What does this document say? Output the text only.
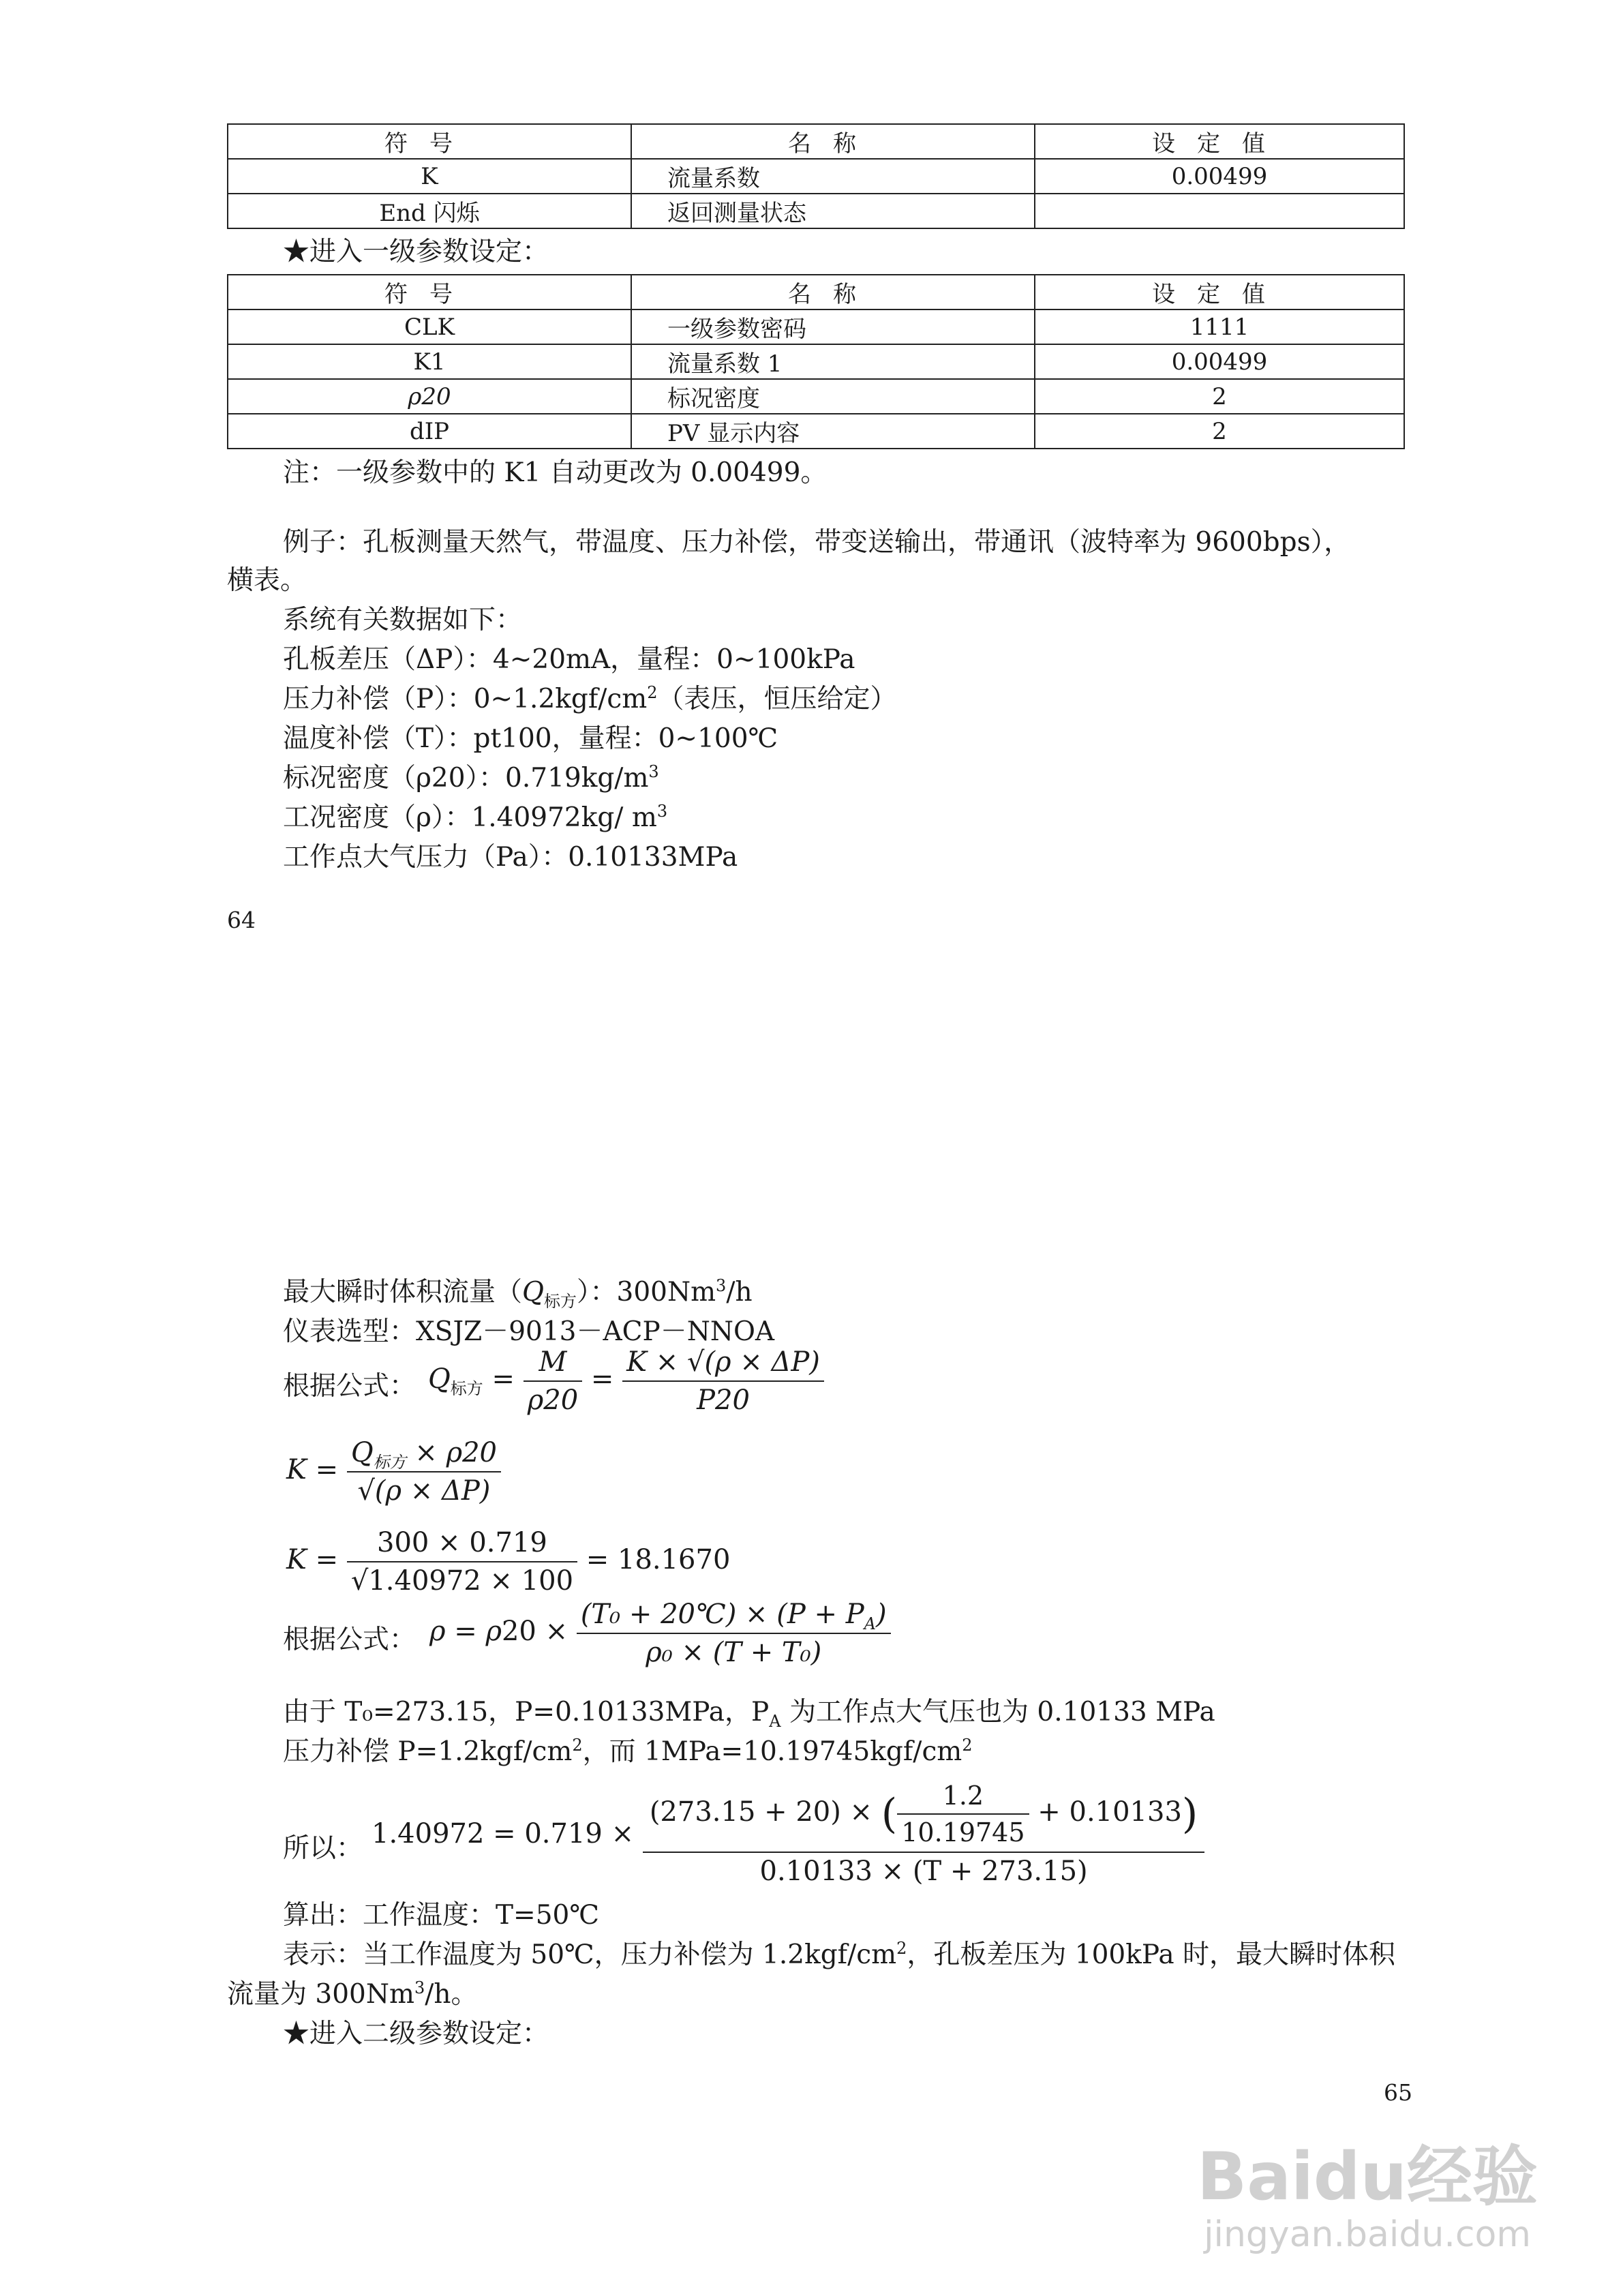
符号	名称	设定值
K	流量系数	0.00499
End 闪烁	返回测量状态	
★进入一级参数设定：
符号	名称	设定值
CLK	一级参数密码	1111
K1	流量系数 1	0.00499
ρ20	标况密度	2
dIP	PV 显示内容	2
注：一级参数中的 K1 自动更改为 0.00499。
例子：孔板测量天然气，带温度、压力补偿，带变送输出，带通讯（波特率为 9600bps），
横表。
系统有关数据如下：
孔板差压（ΔP）：4~20mA，量程：0~100kPa
压力补偿（P）：$0\sim 1.2kgf/cm^2$（表压，恒压给定）
温度补偿（T）：pt100，量程：0~100℃
标况密度（ρ20）：$0.719kg/m^3$
工况密度（ρ）：1.40972kg/ $m^3$
工作点大气压力（Pa）：0.10133MPa
64
最大瞬时体积流量$(Q_{标方})$：300Nm$^3$/h
仪表选型：XSJZ－9013－ACP－NNOA
根据公式： $Q_{标方} = \frac{M}{\rho 20} = \frac{K \times √(\rho \times \Delta P)}{P20}$
$K = \frac{Q_{标方} \times \rho 20}{√(\rho \times \Delta P)}$
$K = \frac{300 \times 0.719}{√1.40972 \times 100} = 18.1670$
根据公式： $\rho = \rho 20 \times \frac{(T_0 + 20℃) \times (P + P_A)}{\text{ρ₀ × (T + T₀)}}$
由于 T₀=273.15，P=0.10133MPa，$P_A$ 为工作点大气压也为 0.10133 MPa
压力补偿 $P=1.2kgf/cm^2$，而 $1MPa=10.19745kgf/cm^2$
所以： $1.40972 = 0.719 \times \frac{(273.15 + 20) \times ( \frac{1.2}{10.19745} + 0.10133)}{0.10133 \times (T + 273.15)}$
算出：工作温度：T=50℃
表示：当工作温度为 50℃，压力补偿为 $1.2kgf/cm^2$，孔板差压为 100kPa 时，最大瞬时体积
流量为 300Nm$^3$/h。
★进入二级参数设定：
65
Baidu经验
jingyan.baidu.com
